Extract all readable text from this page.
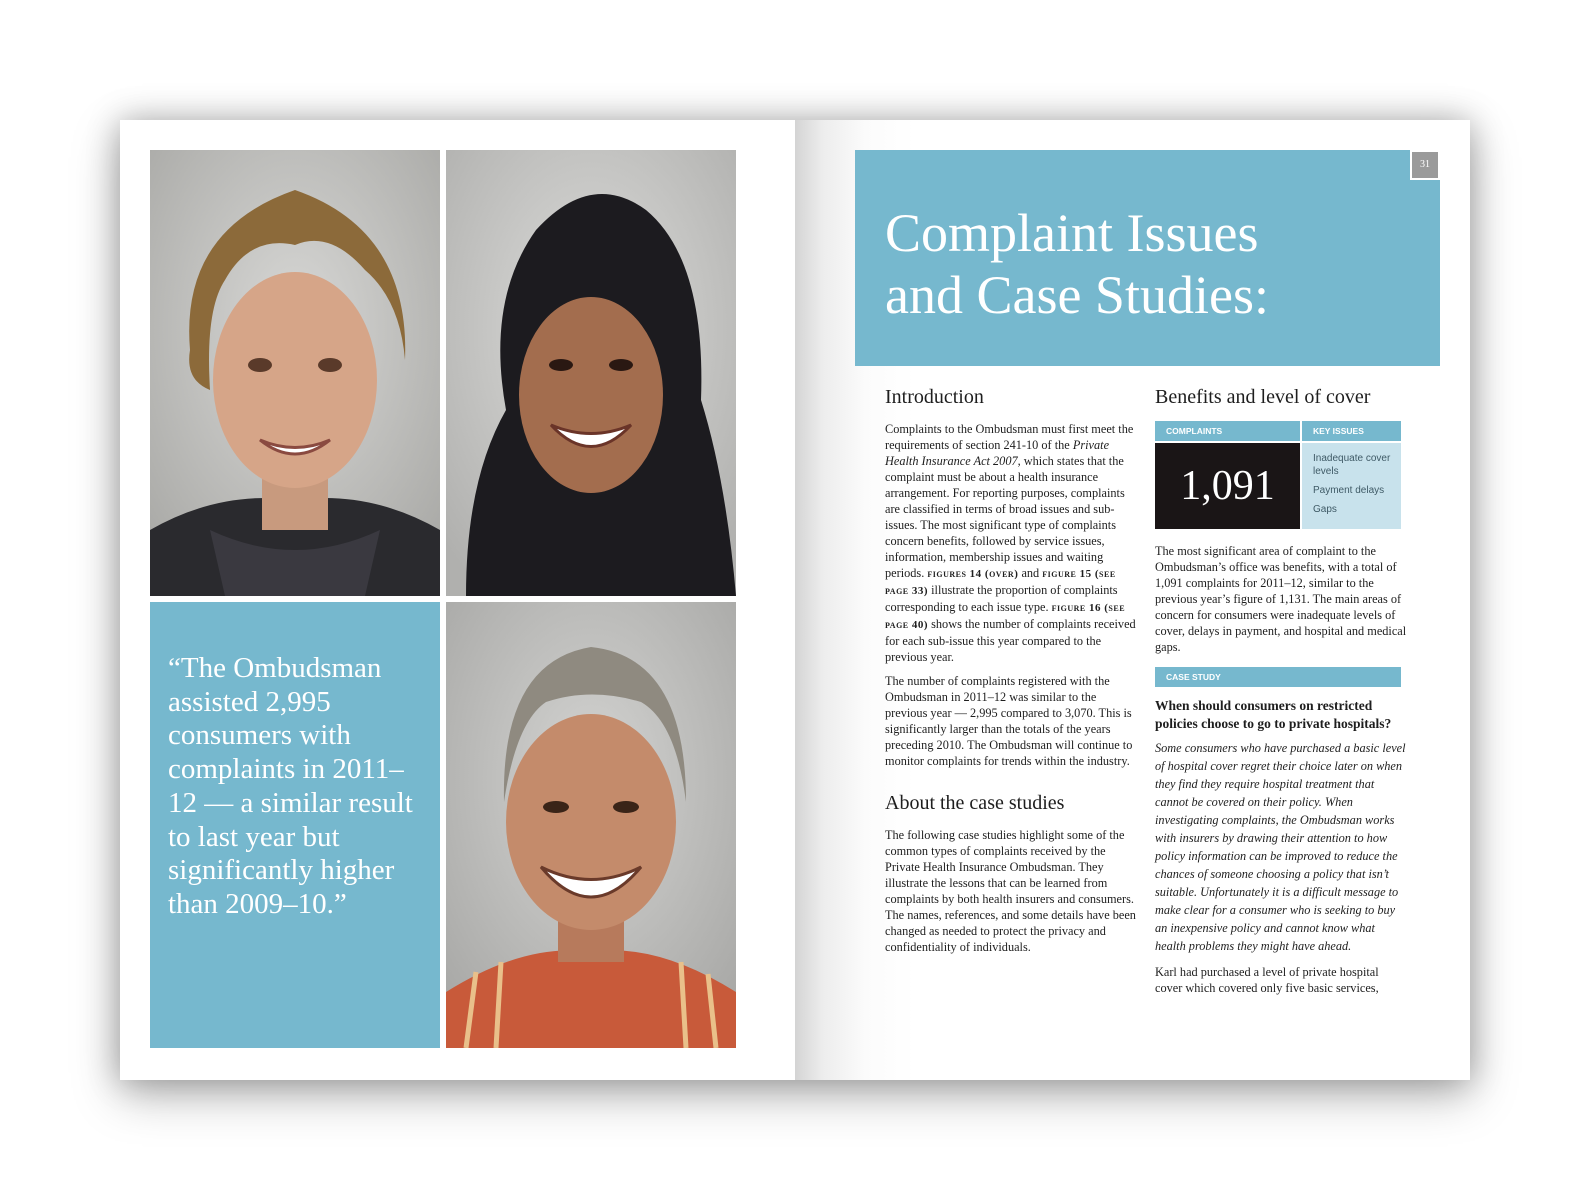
“The Ombudsman assisted 2,995 consumers with complaints in 2011–12 — a similar result to last year but significantly higher than 2009–10.”

31
Complaint Issues
and Case Studies:
Introduction

Complaints to the Ombudsman must first meet the requirements of section 241-10 of the Private Health Insurance Act 2007, which states that the complaint must be about a health insurance arrangement. For reporting purposes, complaints are classified in terms of broad issues and sub-issues. The most significant type of complaints concern benefits, followed by service issues, information, membership issues and waiting periods. figures 14 (over) and figure 15 (see page 33) illustrate the proportion of complaints corresponding to each issue type. figure 16 (see page 40) shows the number of complaints received for each sub-issue this year compared to the previous year.

The number of complaints registered with the Ombudsman in 2011–12 was similar to the previous year — 2,995 compared to 3,070. This is significantly larger than the totals of the years preceding 2010. The Ombudsman will continue to monitor complaints for trends within the industry.

About the case studies

The following case studies highlight some of the common types of complaints received by the Private Health Insurance Ombudsman. They illustrate the lessons that can be learned from complaints by both health insurers and consumers. The names, references, and some details have been changed as needed to protect the privacy and confidentiality of individuals.

Benefits and level of cover
COMPLAINTS	KEY ISSUES
1,091
Inadequate cover levels
Payment delays
Gaps

The most significant area of complaint to the Ombudsman’s office was benefits, with a total of 1,091 complaints for 2011–12, similar to the previous year’s figure of 1,131. The main areas of concern for consumers were inadequate levels of cover, delays in payment, and hospital and medical gaps.

CASE STUDY

When should consumers on restricted policies choose to go to private hospitals?

Some consumers who have purchased a basic level of hospital cover regret their choice later on when they find they require hospital treatment that cannot be covered on their policy. When investigating complaints, the Ombudsman works with insurers by drawing their attention to how policy information can be improved to reduce the chances of someone choosing a policy that isn’t suitable. Unfortunately it is a difficult message to make clear for a consumer who is seeking to buy an inexpensive policy and cannot know what health problems they might have ahead.

Karl had purchased a level of private hospital cover which covered only five basic services,
